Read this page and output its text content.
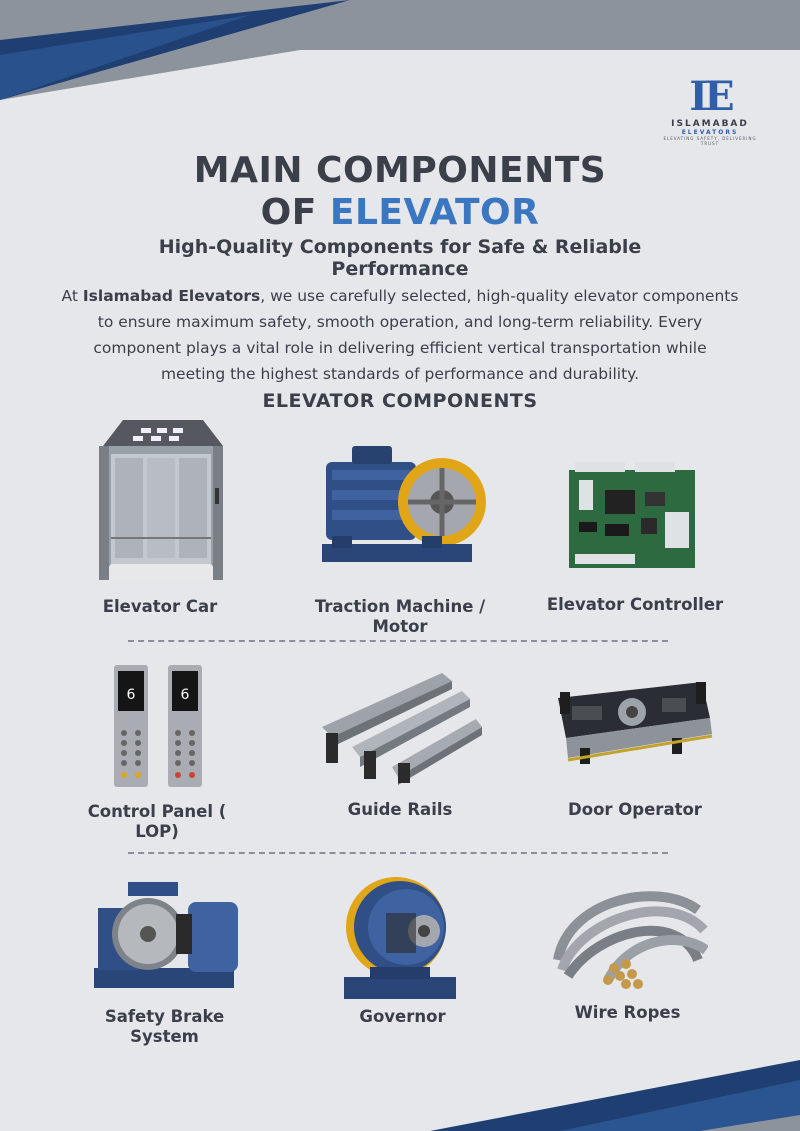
IE
ISLAMABAD
ELEVATORS
ELEVATING SAFETY, DELIVERING TRUST
MAIN COMPONENTS
OF ELEVATOR
High-Quality Components for Safe & Reliable Performance
At Islamabad Elevators, we use carefully selected, high-quality elevator components to ensure maximum safety, smooth operation, and long-term reliability. Every component plays a vital role in delivering efficient vertical transportation while meeting the highest standards of performance and durability.
ELEVATOR COMPONENTS
Elevator Car	Traction Machine / Motor
Elevator Controller
6	6
Control Panel ( LOP)
Guide Rails	Door Operator
Safety Brake System
Governor	Wire Ropes
